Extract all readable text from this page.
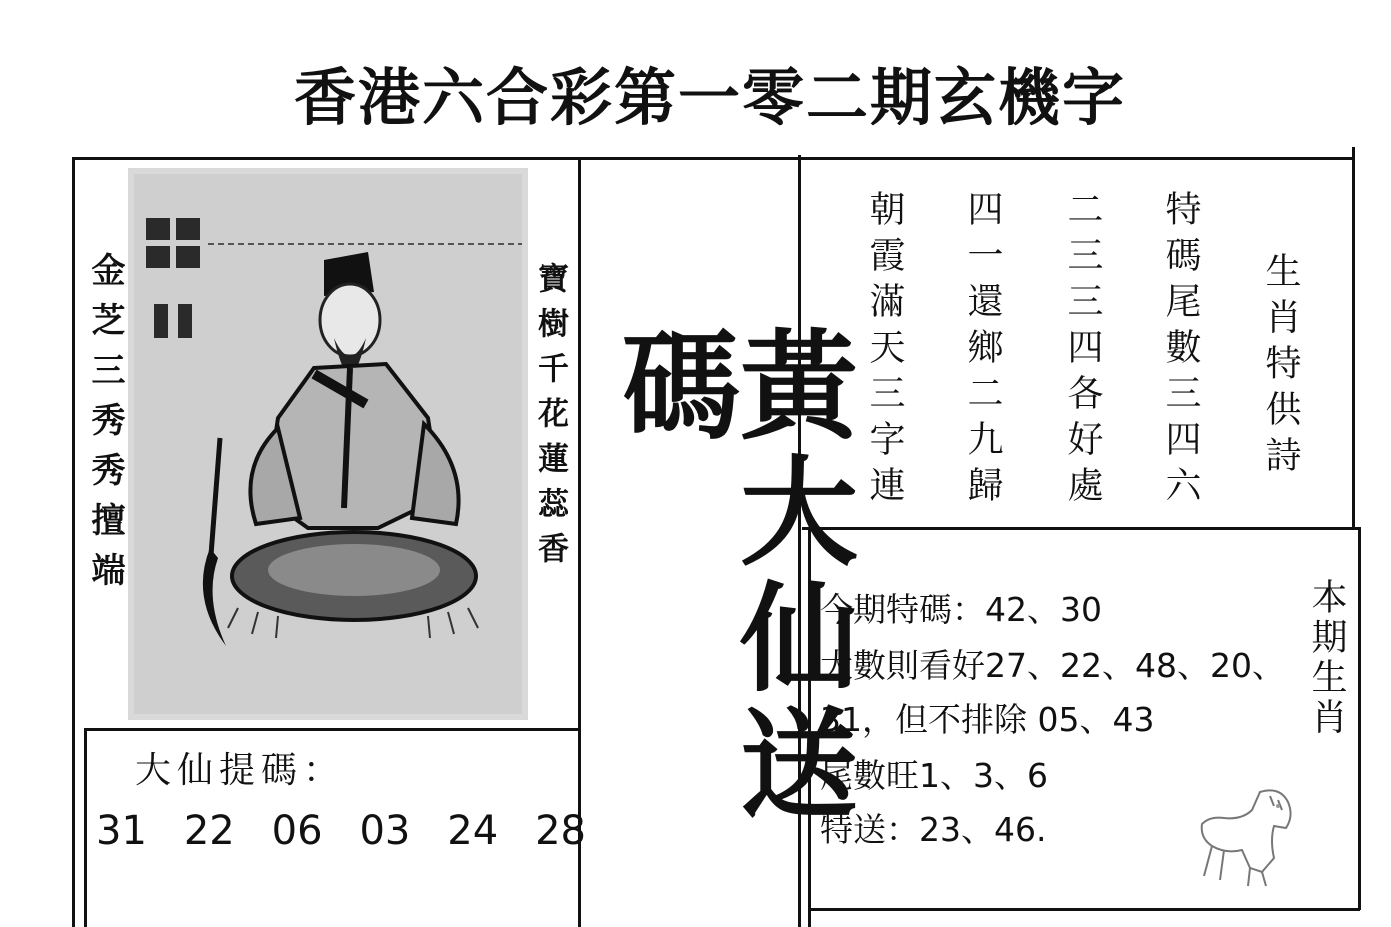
香港六合彩第一零二期玄機字
金芝三秀秀擅端	寶樹千花蓮蕊香
大仙提碼：
31 22 06 03 24 28
黃大仙送碼	特碼尾數三四六
二三三四各好處
四一還鄉二九歸
朝霞滿天三字連	生肖特供詩
今期特碼：42、30
大數則看好27、22、48、20、
31，但不排除 05、43
尾數旺1、3、6
特送：23、46.
本期生肖
